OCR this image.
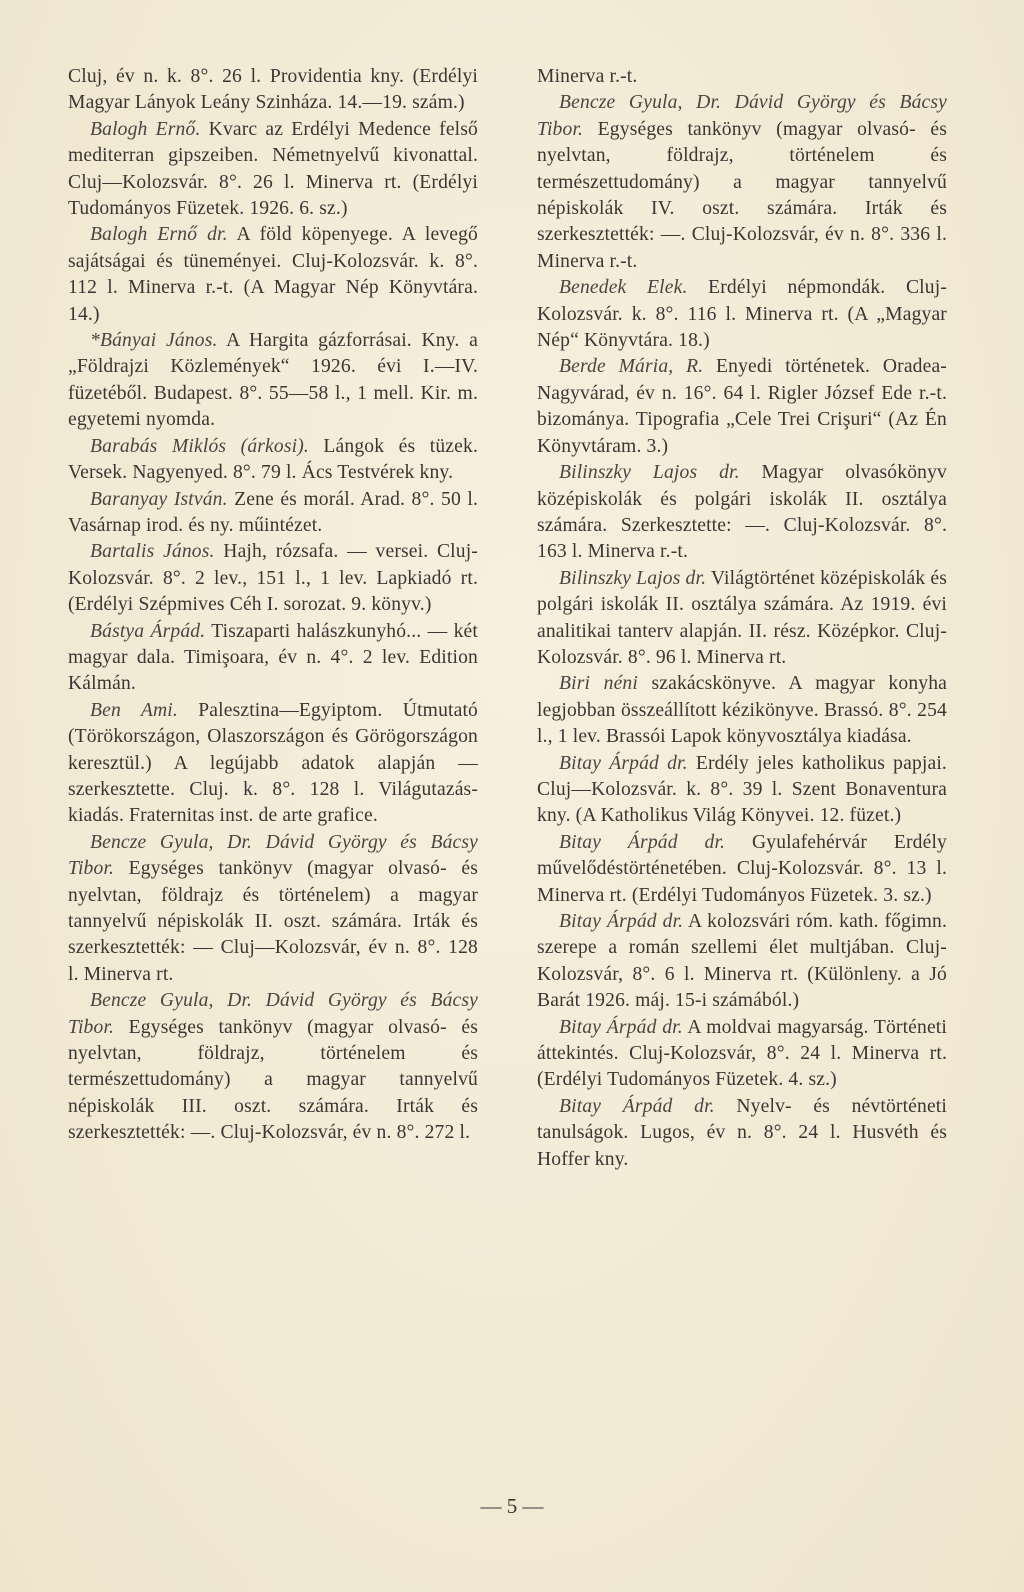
Cluj, év n. k. 8°. 26 l. Providentia kny. (Erdélyi Magyar Lányok Leány Szinháza. 14.—19. szám.)

Balogh Ernő. Kvarc az Erdélyi Medence felső mediterran gipszeiben. Németnyelvű kivonattal. Cluj—Kolozsvár. 8°. 26 l. Minerva rt. (Erdélyi Tudományos Füzetek. 1926. 6. sz.)

Balogh Ernő dr. A föld köpenyege. A levegő sajátságai és tüneményei. Cluj-Kolozsvár. k. 8°. 112 l. Minerva r.-t. (A Magyar Nép Könyvtára. 14.)

*Bányai János. A Hargita gázforrásai. Kny. a „Földrajzi Közlemények“ 1926. évi I.—IV. füzetéből. Budapest. 8°. 55—58 l., 1 mell. Kir. m. egyetemi nyomda.

Barabás Miklós (árkosi). Lángok és tüzek. Versek. Nagyenyed. 8°. 79 l. Ács Testvérek kny.

Baranyay István. Zene és morál. Arad. 8°. 50 l. Vasárnap irod. és ny. műintézet.

Bartalis János. Hajh, rózsafa. — versei. Cluj-Kolozsvár. 8°. 2 lev., 151 l., 1 lev. Lapkiadó rt. (Erdélyi Szépmives Céh I. sorozat. 9. könyv.)

Bástya Árpád. Tiszaparti halászkunyhó... — két magyar dala. Timişoara, év n. 4°. 2 lev. Edition Kálmán.

Ben Ami. Palesztina—Egyiptom. Útmutató (Törökországon, Olaszországon és Görögországon keresztül.) A legújabb adatok alapján — szerkesztette. Cluj. k. 8°. 128 l. Világutazás-kiadás. Fraternitas inst. de arte grafice.

Bencze Gyula, Dr. Dávid György és Bácsy Tibor. Egységes tankönyv (magyar olvasó- és nyelvtan, földrajz és történelem) a magyar tannyelvű népiskolák II. oszt. számára. Irták és szerkesztették: — Cluj—Kolozsvár, év n. 8°. 128 l. Minerva rt.

Bencze Gyula, Dr. Dávid György és Bácsy Tibor. Egységes tankönyv (magyar olvasó- és nyelvtan, földrajz, történelem és természettudomány) a magyar tannyelvű népiskolák III. oszt. számára. Irták és szerkesztették: —. Cluj-Kolozsvár, év n. 8°. 272 l.

Minerva r.-t.

Bencze Gyula, Dr. Dávid György és Bácsy Tibor. Egységes tankönyv (magyar olvasó- és nyelvtan, földrajz, történelem és természettudomány) a magyar tannyelvű népiskolák IV. oszt. számára. Irták és szerkesztették: —. Cluj-Kolozsvár, év n. 8°. 336 l. Minerva r.-t.

Benedek Elek. Erdélyi népmondák. Cluj-Kolozsvár. k. 8°. 116 l. Minerva rt. (A „Magyar Nép“ Könyvtára. 18.)

Berde Mária, R. Enyedi történetek. Oradea-Nagyvárad, év n. 16°. 64 l. Rigler József Ede r.-t. bizománya. Tipografia „Cele Trei Crişuri“ (Az Én Könyvtáram. 3.)

Bilinszky Lajos dr. Magyar olvasókönyv középiskolák és polgári iskolák II. osztálya számára. Szerkesztette: —. Cluj-Kolozsvár. 8°. 163 l. Minerva r.-t.

Bilinszky Lajos dr. Világtörténet középiskolák és polgári iskolák II. osztálya számára. Az 1919. évi analitikai tanterv alapján. II. rész. Középkor. Cluj-Kolozsvár. 8°. 96 l. Minerva rt.

Biri néni szakácskönyve. A magyar konyha legjobban összeállított kézikönyve. Brassó. 8°. 254 l., 1 lev. Brassói Lapok könyvosztálya kiadása.

Bitay Árpád dr. Erdély jeles katholikus papjai. Cluj—Kolozsvár. k. 8°. 39 l. Szent Bonaventura kny. (A Katholikus Világ Könyvei. 12. füzet.)

Bitay Árpád dr. Gyulafehérvár Erdély művelődéstörténetében. Cluj-Kolozsvár. 8°. 13 l. Minerva rt. (Erdélyi Tudományos Füzetek. 3. sz.)

Bitay Árpád dr. A kolozsvári róm. kath. főgimn. szerepe a román szellemi élet multjában. Cluj-Kolozsvár, 8°. 6 l. Minerva rt. (Különleny. a Jó Barát 1926. máj. 15-i számából.)

Bitay Árpád dr. A moldvai magyarság. Történeti áttekintés. Cluj-Kolozsvár, 8°. 24 l. Minerva rt. (Erdélyi Tudományos Füzetek. 4. sz.)

Bitay Árpád dr. Nyelv- és névtörténeti tanulságok. Lugos, év n. 8°. 24 l. Husvéth és Hoffer kny.

— 5 —
